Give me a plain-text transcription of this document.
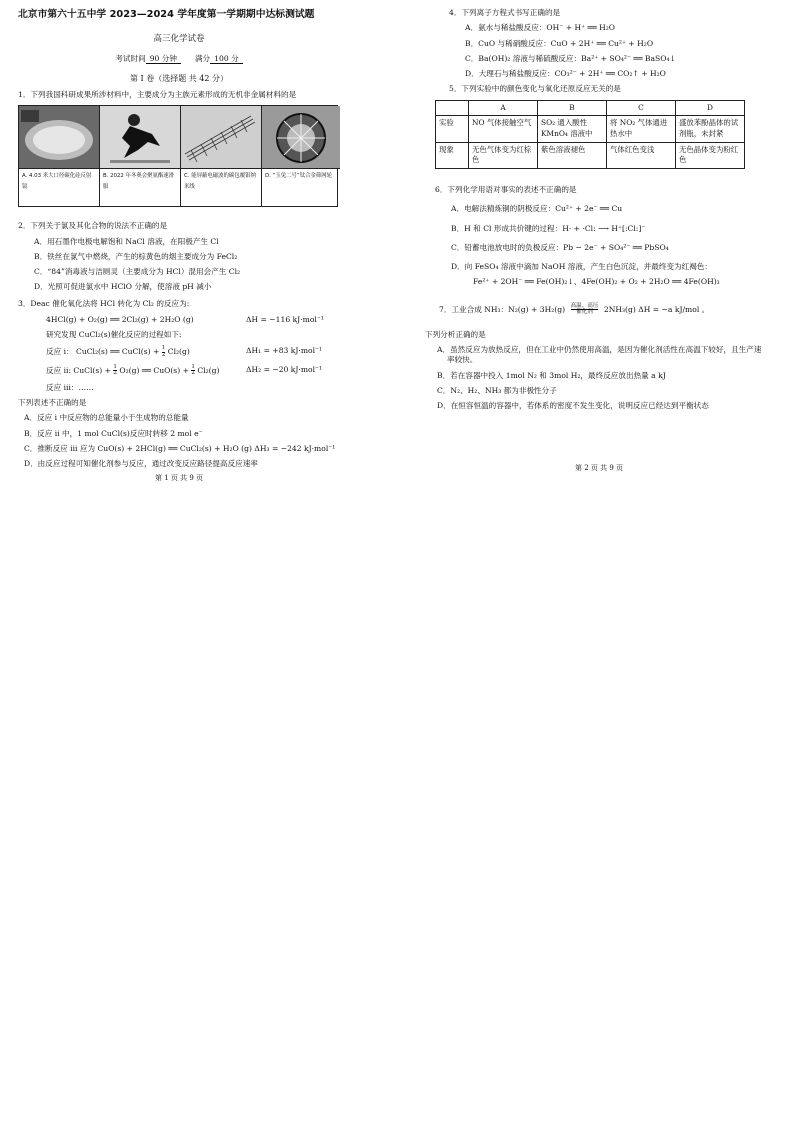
北京市第六十五中学 2023—2024 学年度第一学期期中达标测试题
高三化学试卷
考试时间 90 分钟	满分 100 分
第 I 卷（选择题 共 42 分）
1．下列我国科研成果所涉材料中，主要成分为主族元素形成的无机非金属材料的是
A. 4.03 米大口径碳化硅反射镜
B. 2022 年冬奥会聚氨酯速滑服
C. 能屏蔽电磁波的碳包覆银纳米线
D. “玉兔二号”钛合金筛网轮
2．下列关于氯及其化合物的说法不正确的是
A．用石墨作电极电解饱和 NaCl 溶液，在阳极产生 Cl
B．铁丝在氯气中燃烧，产生的棕黄色的烟主要成分为 FeCl₂
C．“84”消毒液与洁厕灵（主要成分为 HCl）混用会产生 Cl₂
D．光照可促进氯水中 HClO 分解，使溶液 pH 减小
3．Deac 催化氧化法将 HCl 转化为 Cl₂ 的反应为:
4HCl(g) + O₂(g) ══ 2Cl₂(g) + 2H₂O (g)	ΔH = −116 kJ·mol⁻¹
研究发现 CuCl₂(s)催化反应的过程如下:
反应 i： CuCl₂(s) ══ CuCl(s) + $\frac{1}{2} Cl_2(g)$	ΔH₁ = +83 kJ·mol⁻¹
反应 ii: CuCl(s) + $\frac{1}{2} O_2(g)$ ══ $CuO(s) + \frac{1}{2} Cl_2(g)$	ΔH₂ = −20 kJ·mol⁻¹
反应 iii：……
下列表述不正确的是
A．反应 i 中反应物的总能量小于生成物的总能量
B．反应 ii 中，1 mol CuCl(s)反应时转移 2 mol e⁻
C．推断反应 iii 应为 CuO(s) + 2HCl(g) ══ CuCl₂(s) + H₂O (g) ΔH₃ = −242 kJ·mol⁻¹
D．由反应过程可知催化剂参与反应，通过改变反应路径提高反应速率
第 1 页 共 9 页
4．下列离子方程式书写正确的是
A．氨水与稀盐酸反应：OH⁻ + H⁺ ══ H₂O
B．CuO 与稀硝酸反应：CuO + 2H⁺ ══ Cu²⁺ + H₂O
C．Ba(OH)₂ 溶液与稀硫酸反应：Ba²⁺ + SO₄²⁻ ══ BaSO₄↓
D．大理石与稀盐酸反应：CO₃²⁻ + 2H⁺ ══ CO₂↑ + H₂O
5．下列实验中的颜色变化与氧化还原反应无关的是
	A	B	C	D
实验	NO 气体接触空气	SO₂ 通入酸性 KMnO₄ 溶液中	将 NO₂ 气体通进热水中	盛放苯酚晶体的试剂瓶，未封紧
现象	无色气体变为红棕色	紫色溶液褪色	气体红色变浅	无色晶体变为粉红色
6．下列化学用语对事实的表述不正确的是
A．电解法精炼铜的阴极反应：Cu²⁺ + 2e⁻ ══ Cu
B．H 和 Cl 形成共价键的过程：H· + ·Cl: ⟶ H⁺[:Cl:]⁻
C．铅蓄电池放电时的负极反应：Pb − 2e⁻ + SO₄²⁻ ══ PbSO₄
D．向 FeSO₄ 溶液中滴加 NaOH 溶液，产生白色沉淀，并最终变为红褐色：
Fe²⁺ + 2OH⁻ ══ Fe(OH)₂↓、4Fe(OH)₂ + O₂ + 2H₂O ══ 4Fe(OH)₃
7．工业合成 NH₃：$N_2(g) + 3H_2(g) \frac{\text{高温、高压}}{\text{催化剂}} 2NH_3(g) \Delta H = -a$ kJ/mol 。
下列分析正确的是
A．虽然反应为放热反应，但在工业中仍然使用高温，是因为催化剂活性在高温下较好，且生产速率较快。
B．若在容器中投入 1mol N₂ 和 3mol H₂，最终反应放出热量 a kJ
C．N₂、H₂、NH₃ 都为非极性分子
D．在恒容恒温的容器中，若体系的密度不发生变化，说明反应已经达到平衡状态
第 2 页 共 9 页
